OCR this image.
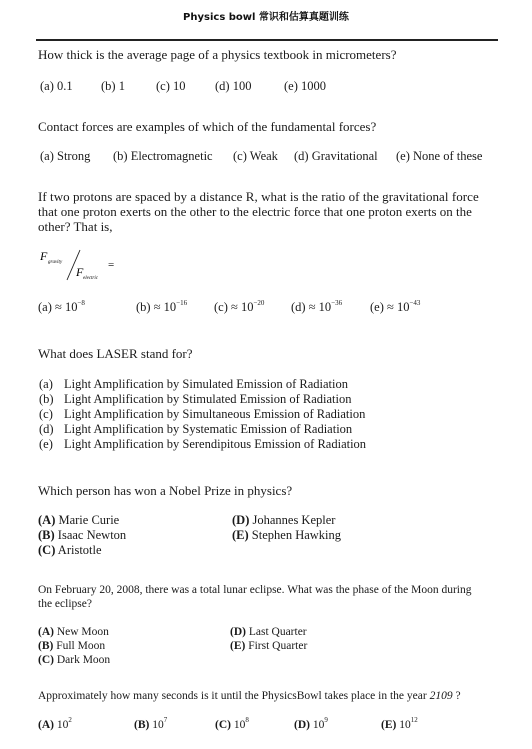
Physics bowl 常识和估算真题训练
How thick is the average page of a physics textbook in micrometers?
(a) 0.1 (b) 1 (c) 10 (d) 100	(e) 1000
Contact forces are examples of which of the fundamental forces?
(a) Strong (b) Electromagnetic (c) Weak (d) Gravitational (e) None of these
If two protons are spaced by a distance R, what is the ratio of the gravitational force
that one proton exerts on the other to the electric force that one proton exerts on the
other? That is,
F gravity
F electric
=
$(a) \approx 10^{-8}$	$(b) \approx 10^{-16}$ $(c) \approx 10^{-20}$ $(d) \approx 10^{-36}$ $(e) \approx 10^{-43}$
What does LASER stand for?
(a) Light Amplification by Simulated Emission of Radiation
(b) Light Amplification by Stimulated Emission of Radiation
(c) Light Amplification by Simultaneous Emission of Radiation
(d) Light Amplification by Systematic Emission of Radiation
(e) Light Amplification by Serendipitous Emission of Radiation
Which person has won a Nobel Prize in physics?
(A) Marie Curie
(B) Isaac Newton
(C) Aristotle
(D) Johannes Kepler
(E) Stephen Hawking
On February 20, 2008, there was a total lunar eclipse. What was the phase of the Moon during
the eclipse?
(A) New Moon
(B) Full Moon
(C) Dark Moon
(D) Last Quarter
(E) First Quarter
Approximately how many seconds is it until the PhysicsBowl takes place in the year 2109 ?
(A) $10^2$	(B) $10^7$	(C) $10^8$	(D) $10^9$	(E) $10^{12}$
